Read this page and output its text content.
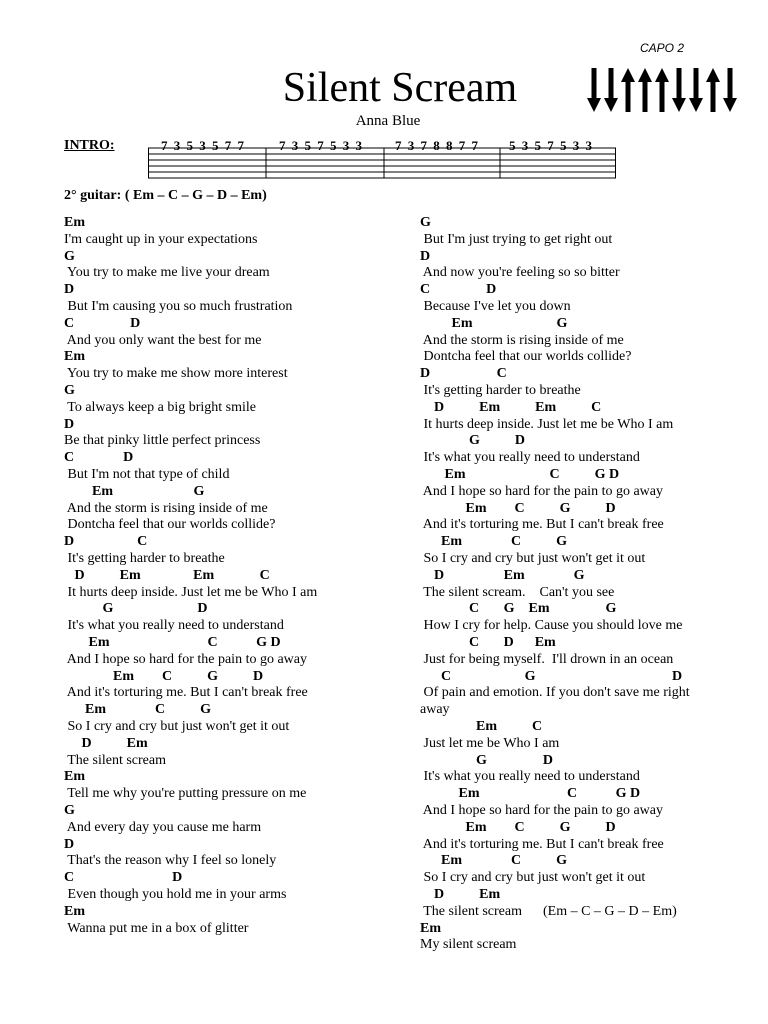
CAPO 2
Silent Scream
Anna Blue
INTRO:	7 3 5 3 5 7 7	7 3 5 7 5 3 3 7 3 7 8 8 7 7 5 3 5 7 5 3 3
2° guitar: ( Em – C – G – D – Em)
Em
I'm caught up in your expectations
G
You try to make me live your dream
D
But I'm causing you so much frustration
C                D
And you only want the best for me
Em
You try to make me show more interest
G
To always keep a big bright smile
D
Be that pinky little perfect princess
C              D
But I'm not that type of child
Em                       G
And the storm is rising inside of me
Dontcha feel that our worlds collide?
D                  C
It's getting harder to breathe
D          Em               Em             C
It hurts deep inside. Just let me be Who I am
G                        D
It's what you really need to understand
Em                            C           G D
And I hope so hard for the pain to go away
Em        C          G          D
And it's torturing me. But I can't break free
Em              C          G
So I cry and cry but just won't get it out
D          Em
The silent scream
Em
Tell me why you're putting pressure on me
G
And every day you cause me harm
D
That's the reason why I feel so lonely
C                            D
Even though you hold me in your arms
Em
Wanna put me in a box of glitter
G
But I'm just trying to get right out
D
And now you're feeling so so bitter
C                D
Because I've let you down
Em                        G
And the storm is rising inside of me
Dontcha feel that our worlds collide?
D                   C
It's getting harder to breathe
D          Em          Em          C
It hurts deep inside. Just let me be Who I am
G          D
It's what you really need to understand
Em                        C          G D
And I hope so hard for the pain to go away
Em        C          G          D
And it's torturing me. But I can't break free
Em              C          G
So I cry and cry but just won't get it out
D                 Em              G
The silent scream.    Can't you see
C       G    Em                G
How I cry for help. Cause you should love me
C       D      Em
Just for being myself.  I'll drown in an ocean
C                     G                                       D
Of pain and emotion. If you don't save me right
away
Em          C
Just let me be Who I am
G                D
It's what you really need to understand
Em                         C           G D
And I hope so hard for the pain to go away
Em        C          G          D
And it's torturing me. But I can't break free
Em              C          G
So I cry and cry but just won't get it out
D          Em
The silent scream      (Em – C – G – D – Em)
Em
My silent scream
